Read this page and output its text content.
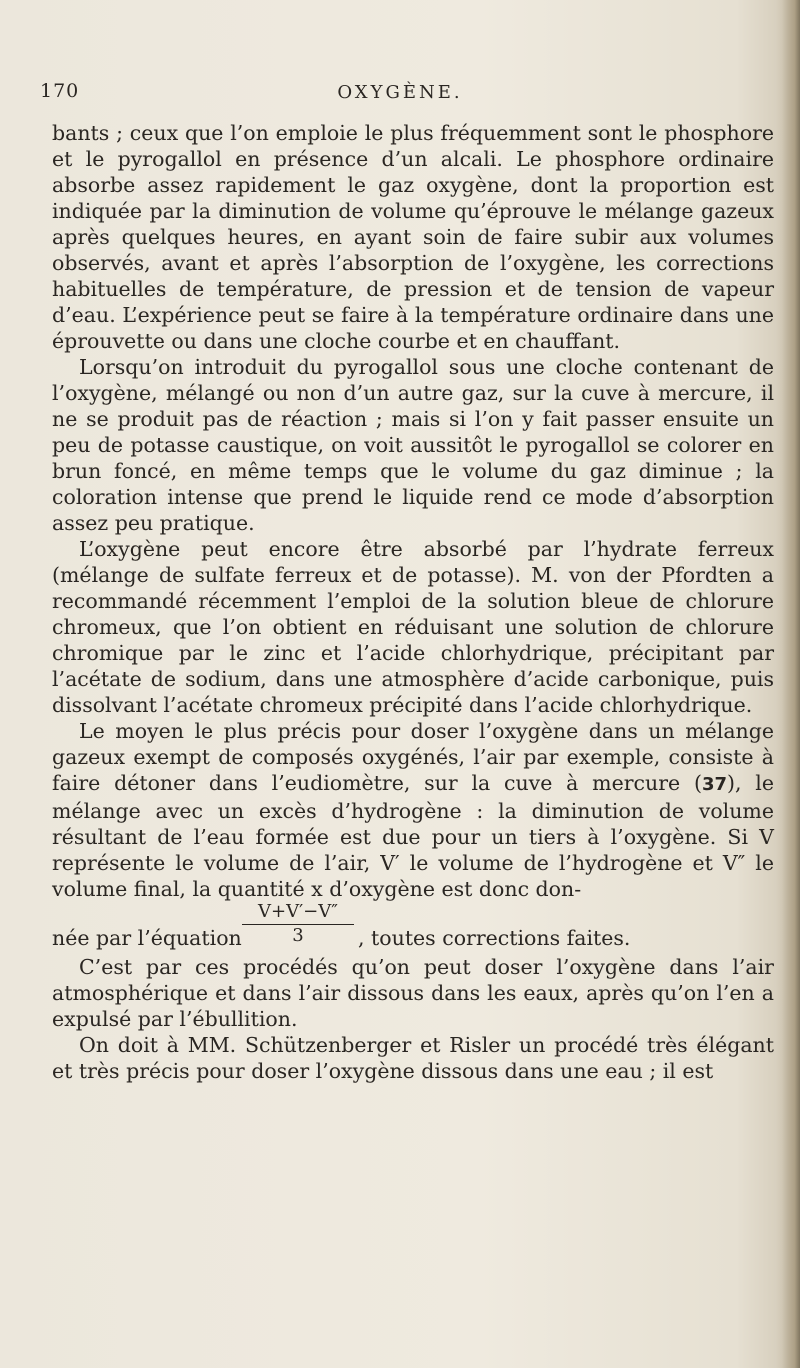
170	OXYGÈNE.

bants ; ceux que l’on emploie le plus fréquemment sont le phosphore et le pyrogallol en présence d’un alcali. Le phosphore ordinaire absorbe assez rapidement le gaz oxygène, dont la proportion est indiquée par la diminution de volume qu’éprouve le mélange gazeux après quelques heures, en ayant soin de faire subir aux volumes observés, avant et après l’absorption de l’oxygène, les corrections habituelles de température, de pression et de tension de vapeur d’eau. L’expérience peut se faire à la température ordinaire dans une éprouvette ou dans une cloche courbe et en chauffant.

Lorsqu’on introduit du pyrogallol sous une cloche contenant de l’oxygène, mélangé ou non d’un autre gaz, sur la cuve à mercure, il ne se produit pas de réaction ; mais si l’on y fait passer ensuite un peu de potasse caustique, on voit aussitôt le pyrogallol se colorer en brun foncé, en même temps que le volume du gaz diminue ; la coloration intense que prend le liquide rend ce mode d’absorption assez peu pratique.

L’oxygène peut encore être absorbé par l’hydrate ferreux (mélange de sulfate ferreux et de potasse). M. von der Pfordten a recommandé récemment l’emploi de la solution bleue de chlorure chromeux, que l’on obtient en réduisant une solution de chlorure chromique par le zinc et l’acide chlorhydrique, précipitant par l’acétate de sodium, dans une atmosphère d’acide carbonique, puis dissolvant l’acétate chromeux précipité dans l’acide chlorhydrique.

Le moyen le plus précis pour doser l’oxygène dans un mélange gazeux exempt de composés oxygénés, l’air par exemple, consiste à faire détoner dans l’eudiomètre, sur la cuve à mercure (37), le mélange avec un excès d’hydrogène : la diminution de volume résultant de l’eau formée est due pour un tiers à l’oxygène. Si V représente le volume de l’air, V′ le volume de l’hydrogène et V″ le volume final, la quantité x d’oxygène est donc don-

née par l’équation
V+V′−V″
3	, toutes corrections faites.

C’est par ces procédés qu’on peut doser l’oxygène dans l’air atmosphérique et dans l’air dissous dans les eaux, après qu’on l’en a expulsé par l’ébullition.

On doit à MM. Schützenberger et Risler un procédé très élégant et très précis pour doser l’oxygène dissous dans une eau ; il est
